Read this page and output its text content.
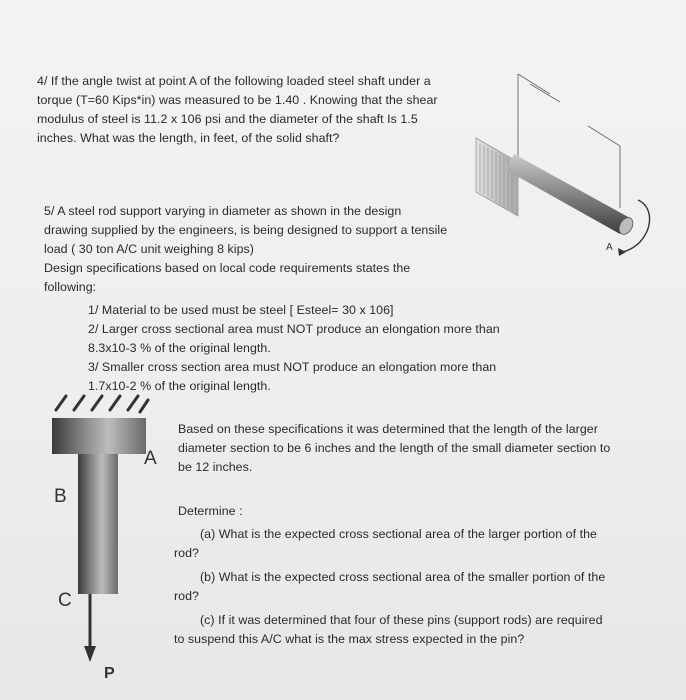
4/ If the angle twist at point A of the following loaded steel shaft under a
torque (T=60 Kips*in) was measured to be 1.40 . Knowing that the shear
modulus of steel is 11.2 x 106 psi and the diameter of the shaft Is 1.5
inches. What was the length, in feet, of the solid shaft?
A
5/ A steel rod support varying in diameter as shown in the design
drawing supplied by the engineers, is being designed to support a tensile
load ( 30 ton A/C unit weighing 8 kips)
Design specifications based on local code requirements states the
following:
1/ Material to be used must be steel [ Esteel= 30 x 106]
2/ Larger cross sectional area must NOT produce an elongation more than
8.3x10-3 % of the original length.
3/ Smaller cross section area must NOT produce an elongation more than
1.7x10-2 % of the original length.
A
B
C
P
Based on these specifications it was determined that the length of the larger
diameter section to be 6 inches and the length of the small diameter section to
be 12 inches.
Determine :
(a) What is the expected cross sectional area of the larger portion of the
rod?
(b) What is the expected cross sectional area of the smaller portion of the
rod?
(c) If it was determined that four of these pins (support rods) are required
to suspend this A/C what is the max stress expected in the pin?
